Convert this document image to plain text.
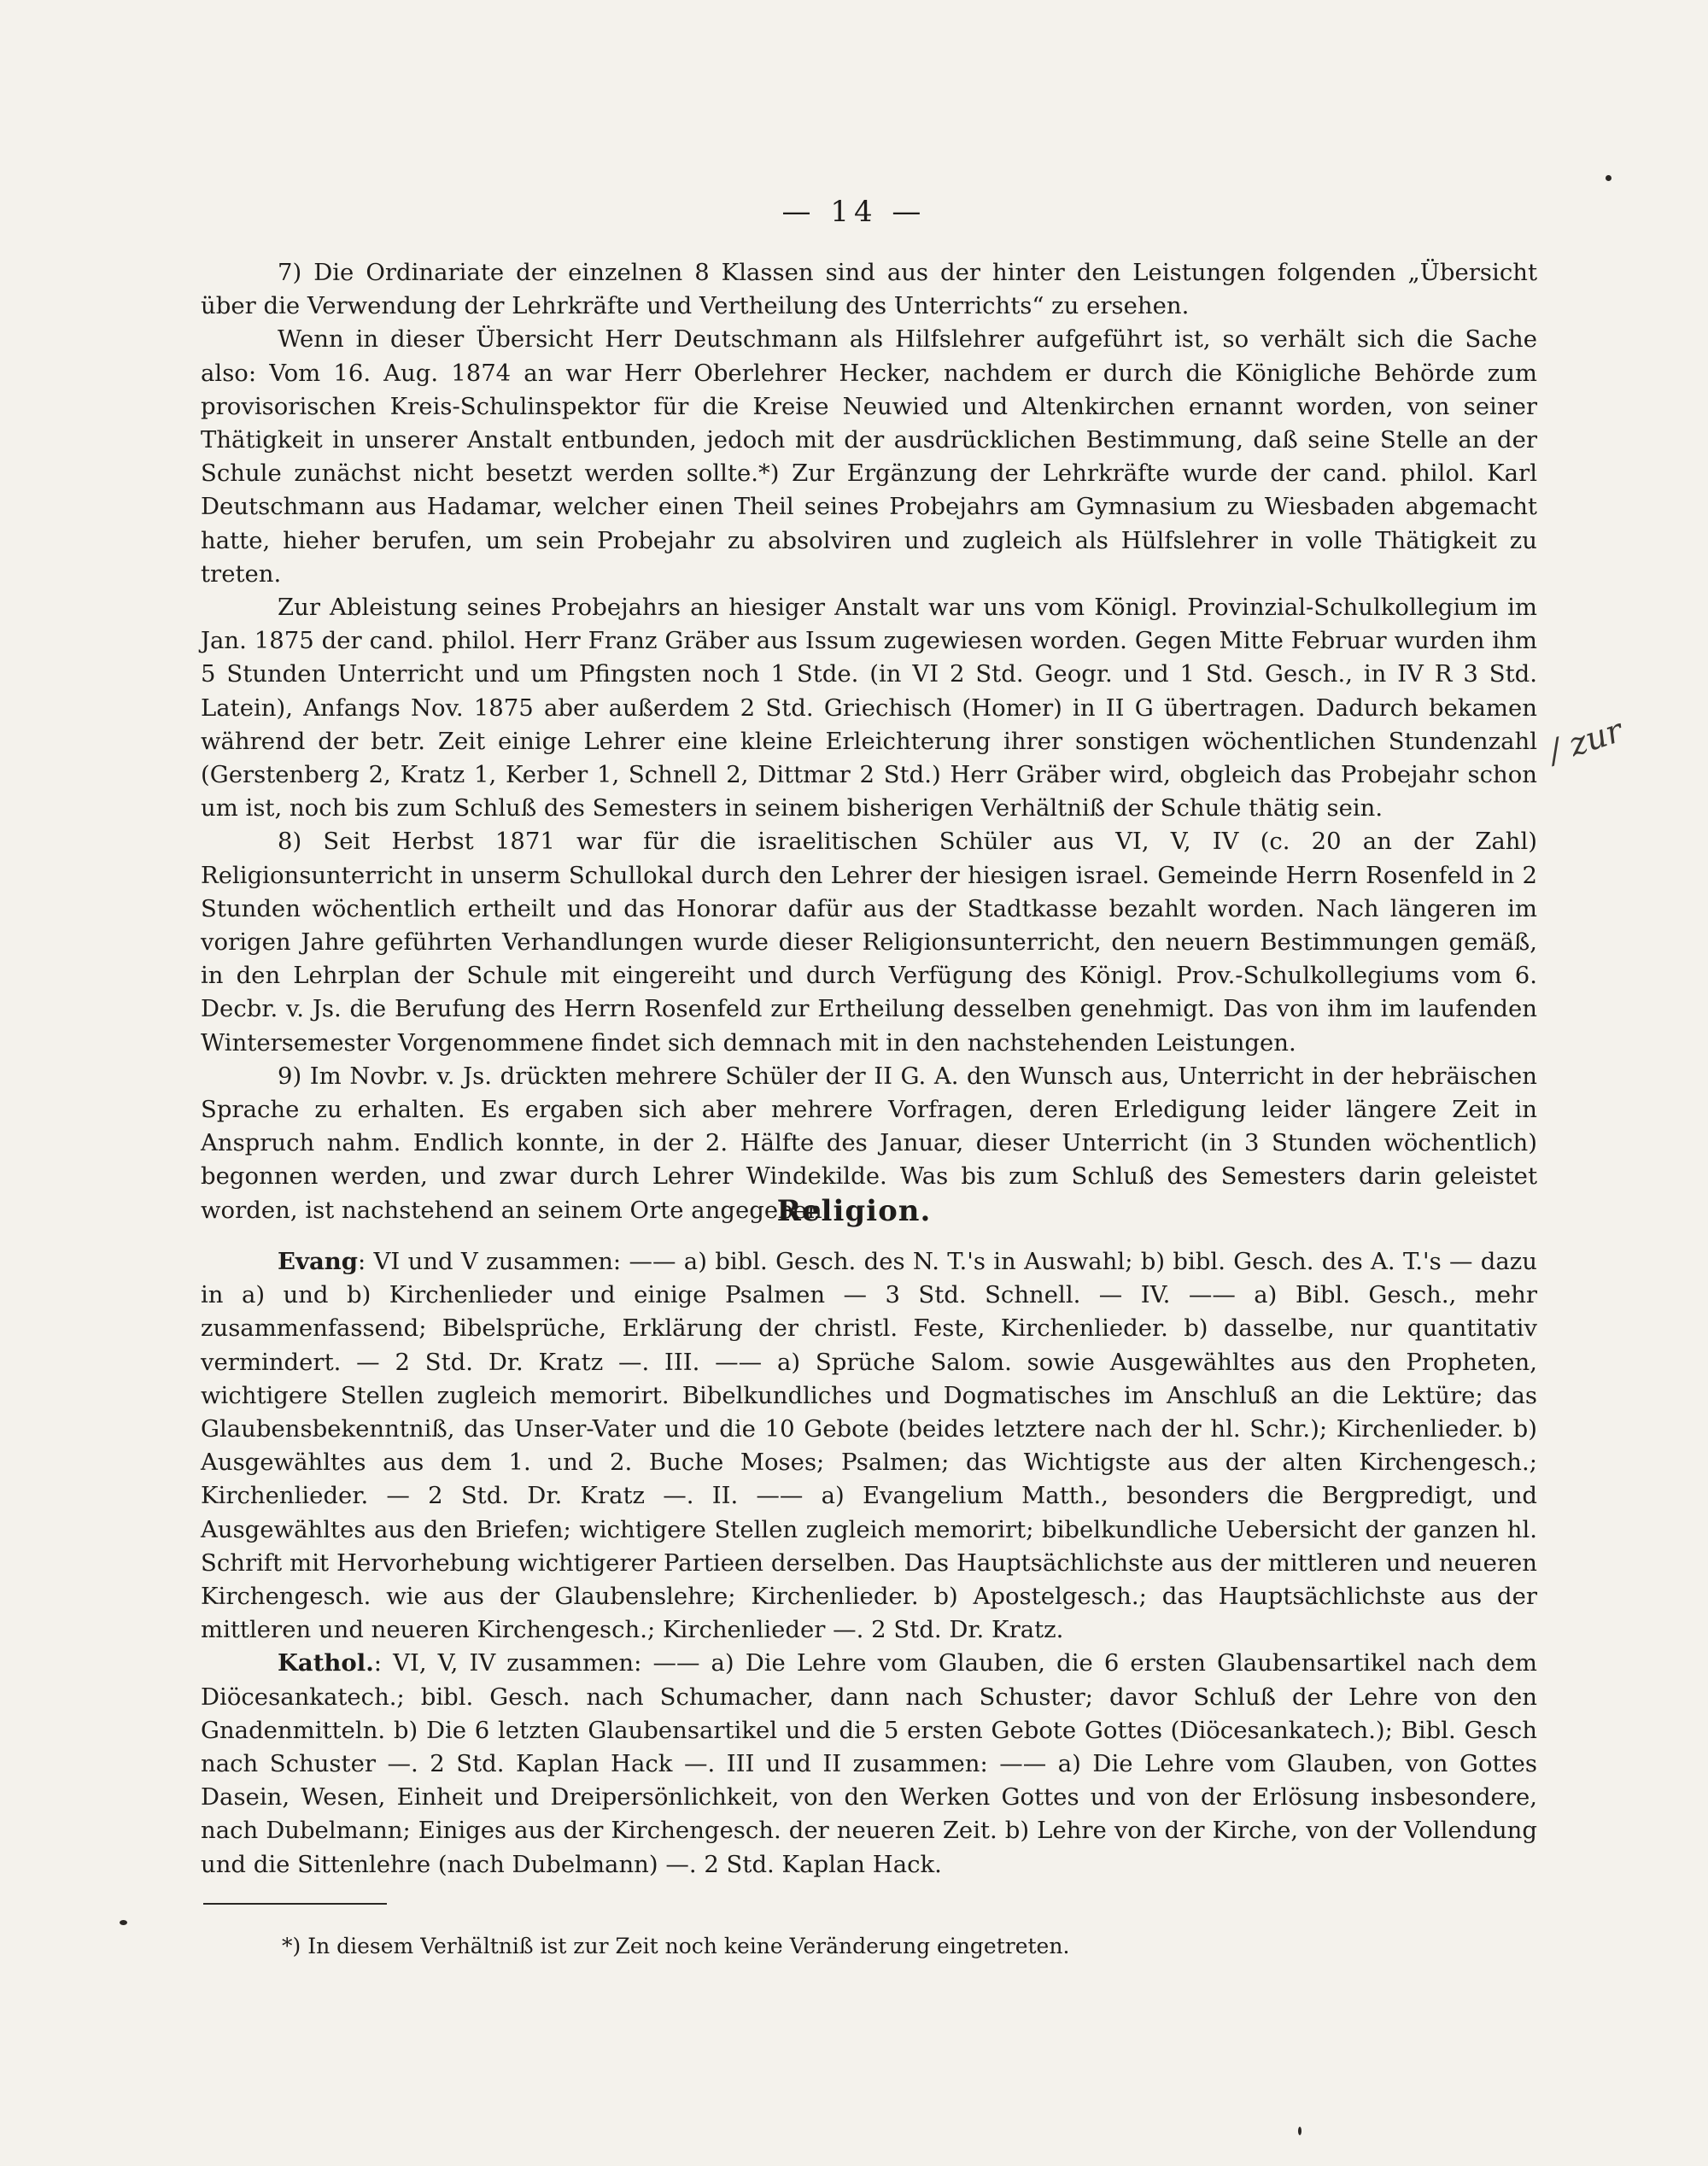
— 14 —

7) Die Ordinariate der einzelnen 8 Klassen sind aus der hinter den Leistungen folgenden „Übersicht über die Verwendung der Lehrkräfte und Vertheilung des Unterrichts“ zu ersehen.

Wenn in dieser Übersicht Herr Deutschmann als Hilfslehrer aufgeführt ist, so verhält sich die Sache also: Vom 16. Aug. 1874 an war Herr Oberlehrer Hecker, nachdem er durch die Königliche Behörde zum provisorischen Kreis-Schulinspektor für die Kreise Neuwied und Altenkirchen ernannt worden, von seiner Thätigkeit in unserer Anstalt entbunden, jedoch mit der ausdrücklichen Bestimmung, daß seine Stelle an der Schule zunächst nicht besetzt werden sollte.*) Zur Ergänzung der Lehrkräfte wurde der cand. philol. Karl Deutschmann aus Hadamar, welcher einen Theil seines Probejahrs am Gymnasium zu Wiesbaden abgemacht hatte, hieher berufen, um sein Probejahr zu absolviren und zugleich als Hülfslehrer in volle Thätigkeit zu treten.

Zur Ableistung seines Probejahrs an hiesiger Anstalt war uns vom Königl. Provinzial-Schulkollegium im Jan. 1875 der cand. philol. Herr Franz Gräber aus Issum zugewiesen worden. Gegen Mitte Februar wurden ihm 5 Stunden Unterricht und um Pfingsten noch 1 Stde. (in VI 2 Std. Geogr. und 1 Std. Gesch., in IV R 3 Std. Latein), Anfangs Nov. 1875 aber außerdem 2 Std. Griechisch (Homer) in II G übertragen. Dadurch bekamen während der betr. Zeit einige Lehrer eine kleine Erleichterung ihrer sonstigen wöchentlichen Stundenzahl (Gerstenberg 2, Kratz 1, Kerber 1, Schnell 2, Dittmar 2 Std.) Herr Gräber wird, obgleich das Probejahr schon um ist, noch bis zum Schluß des Semesters in seinem bisherigen Verhältniß der Schule thätig sein.

8) Seit Herbst 1871 war für die israelitischen Schüler aus VI, V, IV (c. 20 an der Zahl) Religionsunterricht in unserm Schullokal durch den Lehrer der hiesigen israel. Gemeinde Herrn Rosenfeld in 2 Stunden wöchentlich ertheilt und das Honorar dafür aus der Stadtkasse bezahlt worden. Nach längeren im vorigen Jahre geführten Verhandlungen wurde dieser Religionsunterricht, den neuern Bestimmungen gemäß, in den Lehrplan der Schule mit eingereiht und durch Verfügung des Königl. Prov.-Schulkollegiums vom 6. Decbr. v. Js. die Berufung des Herrn Rosenfeld zur Ertheilung desselben genehmigt. Das von ihm im laufenden Wintersemester Vorgenommene findet sich demnach mit in den nachstehenden Leistungen.

9) Im Novbr. v. Js. drückten mehrere Schüler der II G. A. den Wunsch aus, Unterricht in der hebräischen Sprache zu erhalten. Es ergaben sich aber mehrere Vorfragen, deren Erledigung leider längere Zeit in Anspruch nahm. Endlich konnte, in der 2. Hälfte des Januar, dieser Unterricht (in 3 Stunden wöchentlich) begonnen werden, und zwar durch Lehrer Windekilde. Was bis zum Schluß des Semesters darin geleistet worden, ist nachstehend an seinem Orte angegeben.

Religion.

Evang: VI und V zusammen: —— a) bibl. Gesch. des N. T.'s in Auswahl; b) bibl. Gesch. des A. T.'s — dazu in a) und b) Kirchenlieder und einige Psalmen — 3 Std. Schnell. — IV. —— a) Bibl. Gesch., mehr zusammenfassend; Bibelsprüche, Erklärung der christl. Feste, Kirchenlieder. b) dasselbe, nur quantitativ vermindert. — 2 Std. Dr. Kratz —. III. —— a) Sprüche Salom. sowie Ausgewähltes aus den Propheten, wichtigere Stellen zugleich memorirt. Bibelkundliches und Dogmatisches im Anschluß an die Lektüre; das Glaubensbekenntniß, das Unser-Vater und die 10 Gebote (beides letztere nach der hl. Schr.); Kirchenlieder. b) Ausgewähltes aus dem 1. und 2. Buche Moses; Psalmen; das Wichtigste aus der alten Kirchengesch.; Kirchenlieder. — 2 Std. Dr. Kratz —. II. —— a) Evangelium Matth., besonders die Bergpredigt, und Ausgewähltes aus den Briefen; wichtigere Stellen zugleich memorirt; bibelkundliche Uebersicht der ganzen hl. Schrift mit Hervorhebung wichtigerer Partieen derselben. Das Hauptsächlichste aus der mittleren und neueren Kirchengesch. wie aus der Glaubenslehre; Kirchenlieder. b) Apostelgesch.; das Hauptsächlichste aus der mittleren und neueren Kirchengesch.; Kirchenlieder —. 2 Std. Dr. Kratz.

Kathol.: VI, V, IV zusammen: —— a) Die Lehre vom Glauben, die 6 ersten Glaubensartikel nach dem Diöcesankatech.; bibl. Gesch. nach Schumacher, dann nach Schuster; davor Schluß der Lehre von den Gnadenmitteln. b) Die 6 letzten Glaubensartikel und die 5 ersten Gebote Gottes (Diöcesankatech.); Bibl. Gesch nach Schuster —. 2 Std. Kaplan Hack —. III und II zusammen: —— a) Die Lehre vom Glauben, von Gottes Dasein, Wesen, Einheit und Dreipersönlichkeit, von den Werken Gottes und von der Erlösung insbesondere, nach Dubelmann; Einiges aus der Kirchengesch. der neueren Zeit. b) Lehre von der Kirche, von der Vollendung und die Sittenlehre (nach Dubelmann) —. 2 Std. Kaplan Hack.

*) In diesem Verhältniß ist zur Zeit noch keine Veränderung eingetreten.
/ zur
